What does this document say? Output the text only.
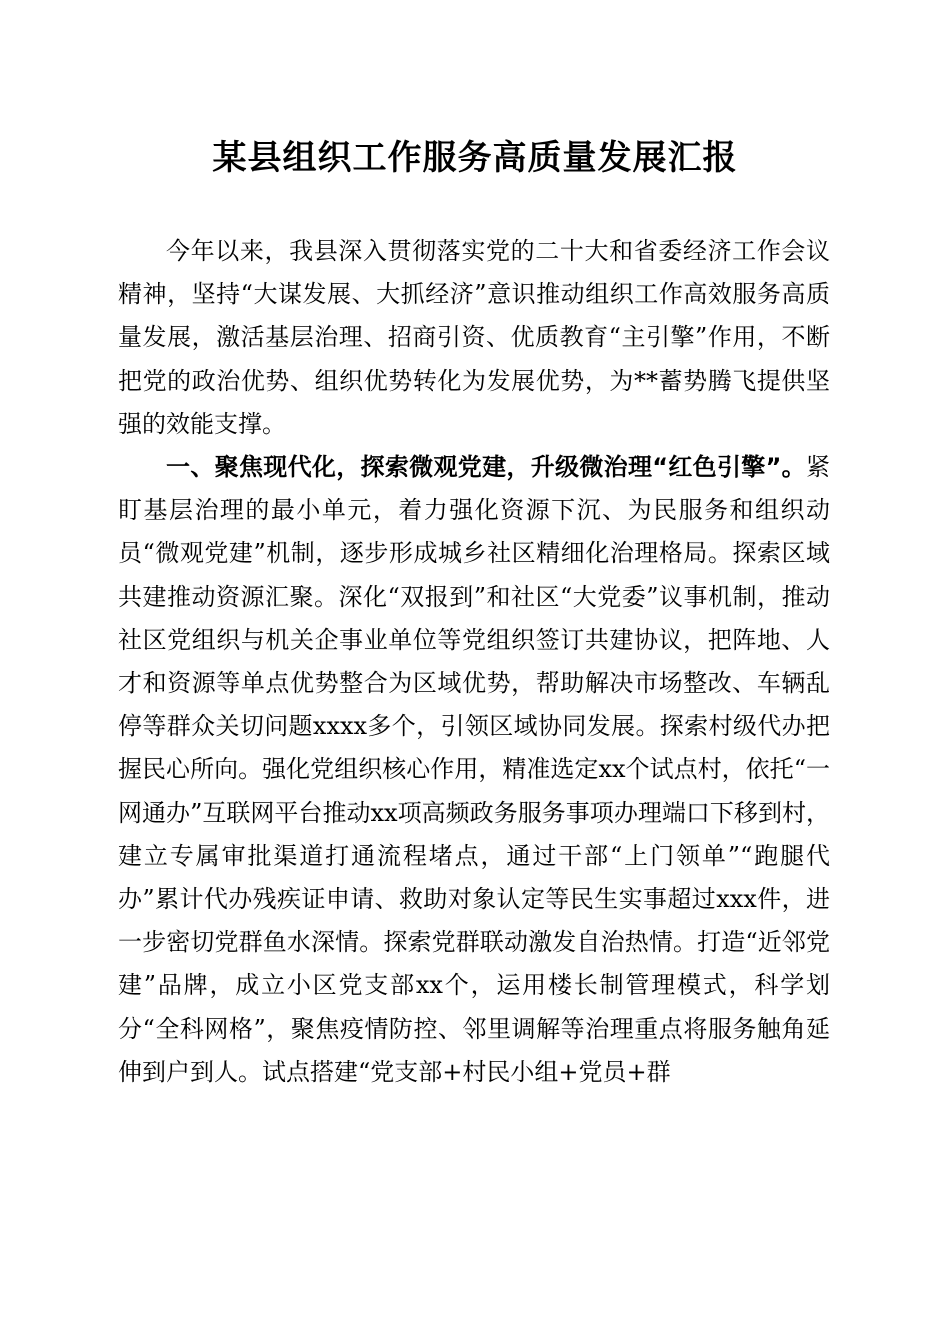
某县组织工作服务高质量发展汇报

今年以来，我县深入贯彻落实党的二十大和省委经济工作会议精神，坚持“大谋发展、大抓经济”意识推动组织工作高效服务高质量发展，激活基层治理、招商引资、优质教育“主引擎”作用，不断把党的政治优势、组织优势转化为发展优势，为**蓄势腾飞提供坚强的效能支撑。

一、聚焦现代化，探索微观党建，升级微治理“红色引擎”。紧盯基层治理的最小单元，着力强化资源下沉、为民服务和组织动员“微观党建”机制，逐步形成城乡社区精细化治理格局。探索区域共建推动资源汇聚。深化“双报到”和社区“大党委”议事机制，推动社区党组织与机关企事业单位等党组织签订共建协议，把阵地、人才和资源等单点优势整合为区域优势，帮助解决市场整改、车辆乱停等群众关切问题xxxx多个，引领区域协同发展。探索村级代办把握民心所向。强化党组织核心作用，精准选定xx个试点村，依托“一网通办”互联网平台推动xx项高频政务服务事项办理端口下移到村，建立专属审批渠道打通流程堵点，通过干部“上门领单”“跑腿代办”累计代办残疾证申请、救助对象认定等民生实事超过xxx件，进一步密切党群鱼水深情。探索党群联动激发自治热情。打造“近邻党建”品牌，成立小区党支部xx个，运用楼长制管理模式，科学划分“全科网格”，聚焦疫情防控、邻里调解等治理重点将服务触角延伸到户到人。试点搭建“党支部+村民小组+党员+群
